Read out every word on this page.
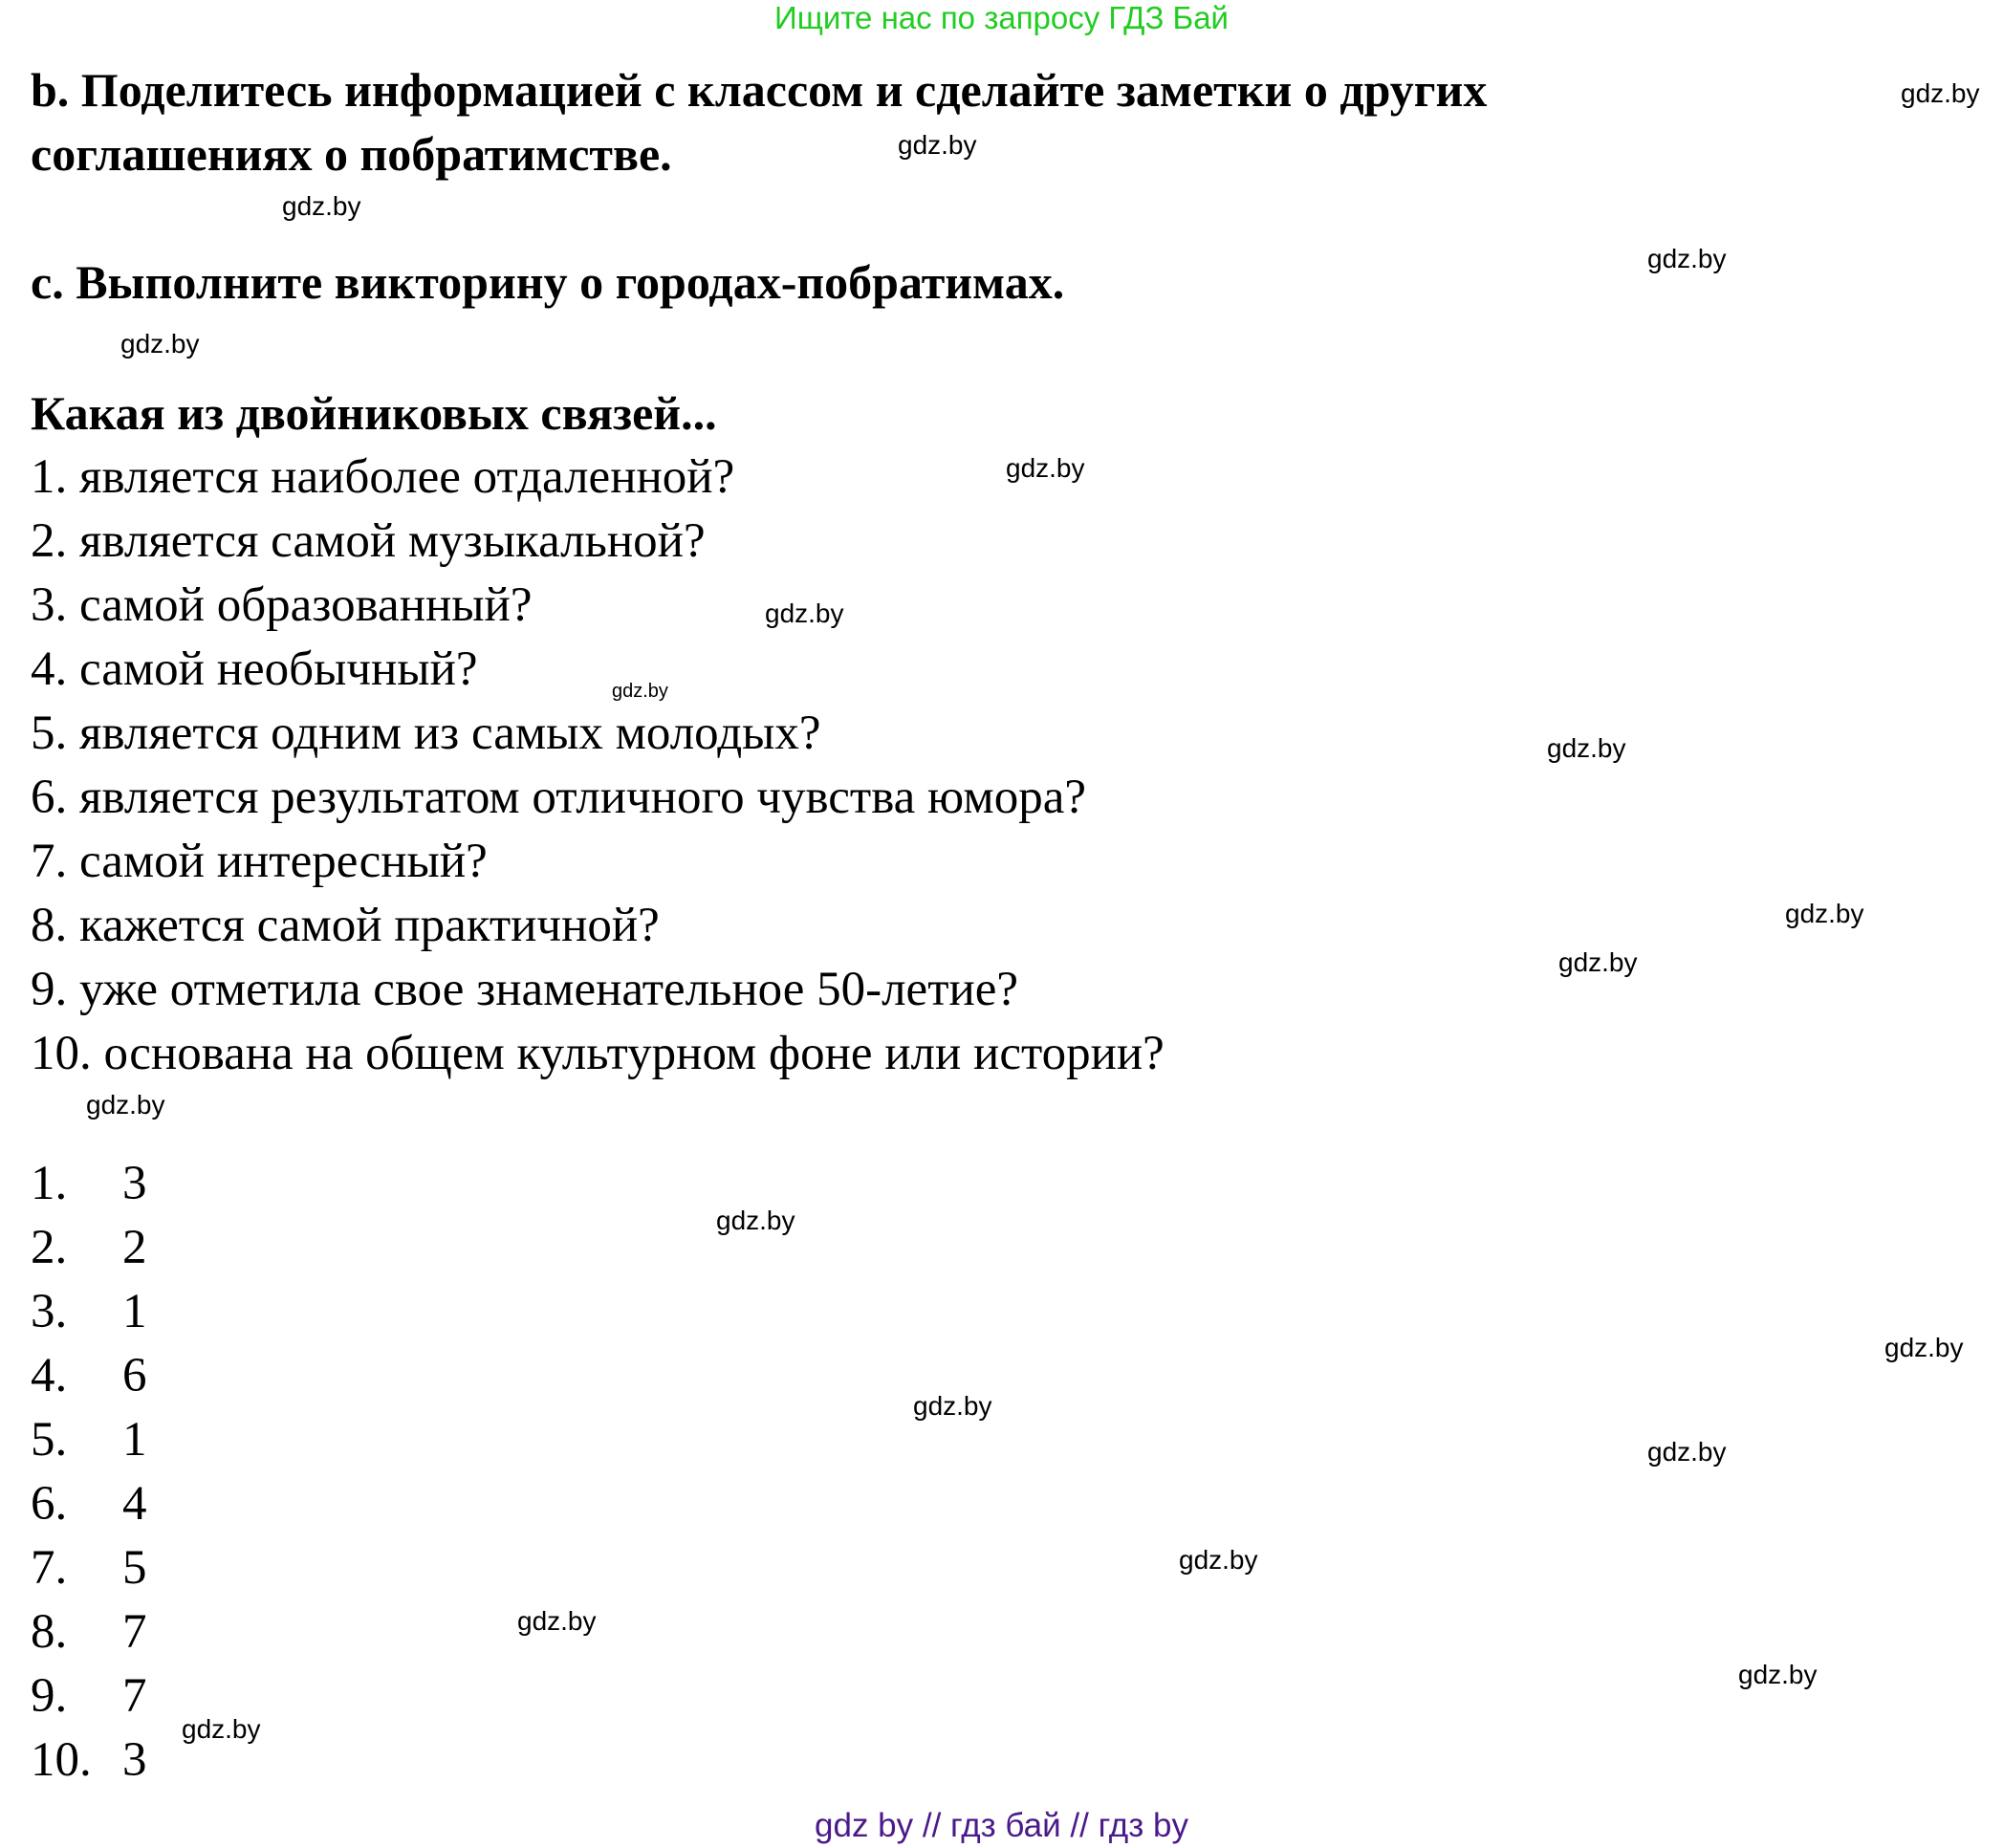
Ищите нас по запросу ГДЗ Бай
b. Поделитесь информацией с классом и сделайте заметки о других
соглашениях о побратимстве.
c. Выполните викторину о городах-побратимах.
Какая из двойниковых связей...
1. является наиболее отдаленной?
2. является самой музыкальной?
3. самой образованный?
4. самой необычный?
5. является одним из самых молодых?
6. является результатом отличного чувства юмора?
7. самой интересный?
8. кажется самой практичной?
9. уже отметила свое знаменательное 50-летие?
10. основана на общем культурном фоне или истории?
1. 3
2. 2
3. 1
4. 6
5. 1
6. 4
7. 5
8. 7
9. 7
10. 3
gdz.by
gdz.by
gdz.by
gdz.by
gdz.by
gdz.by
gdz.by
gdz.by
gdz.by
gdz.by
gdz.by
gdz.by
gdz.by
gdz.by
gdz.by
gdz.by
gdz.by
gdz.by
gdz.by
gdz.by
gdz by // гдз бай // гдз by
